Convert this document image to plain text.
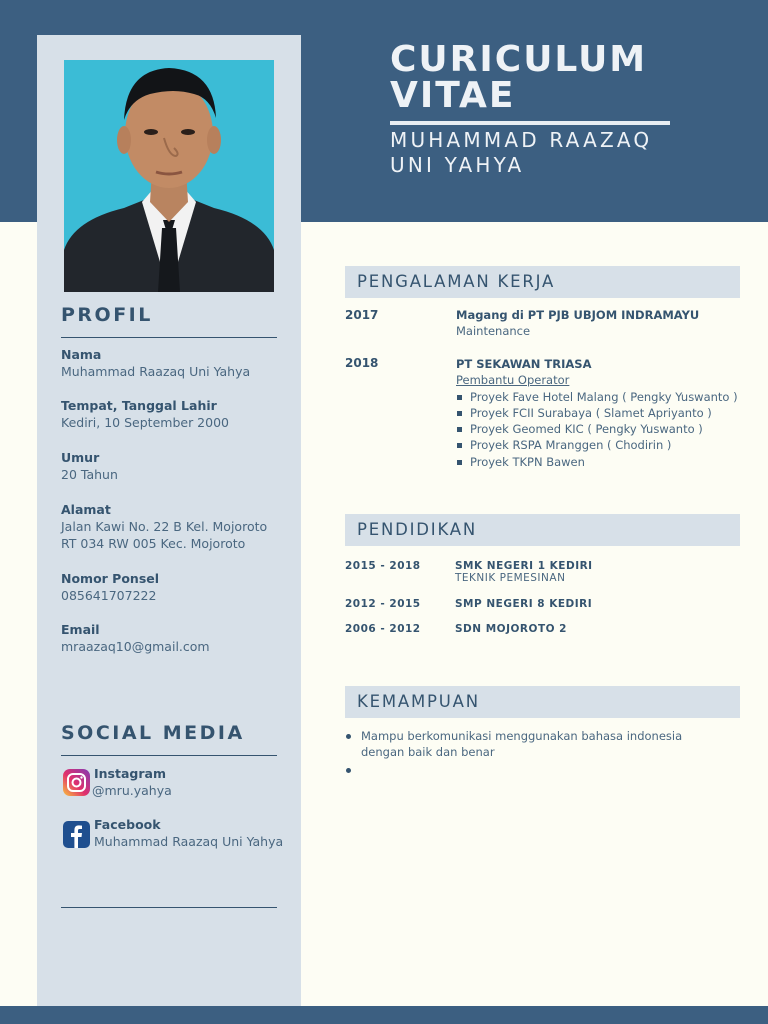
CURICULUM
VITAE
MUHAMMAD RAAZAQ
UNI YAHYA
PROFIL
Nama
Muhammad Raazaq Uni Yahya
Tempat, Tanggal Lahir
Kediri, 10 September 2000
Umur
20 Tahun
Alamat
Jalan Kawi No. 22 B Kel. Mojoroto
RT 034 RW 005 Kec. Mojoroto
Nomor Ponsel
085641707222
Email
mraazaq10@gmail.com
SOCIAL MEDIA
Instagram
@mru.yahya
Facebook
Muhammad Raazaq Uni Yahya
PENGALAMAN KERJA
2017	Magang di PT PJB UBJOM INDRAMAYU
Maintenance
2018	PT SEKAWAN TRIASA
Pembantu Operator
Proyek Fave Hotel Malang ( Pengky Yuswanto )
Proyek FCII Surabaya ( Slamet Apriyanto )
Proyek Geomed KIC ( Pengky Yuswanto )
Proyek RSPA Mranggen ( Chodirin )
Proyek TKPN Bawen
PENDIDIKAN
2015 - 2018	SMK NEGERI 1 KEDIRI
TEKNIK PEMESINAN
2012 - 2015	SMP NEGERI 8 KEDIRI
2006 - 2012	SDN MOJOROTO 2
KEMAMPUAN
Mampu berkomunikasi menggunakan bahasa indonesia dengan baik dan benar
